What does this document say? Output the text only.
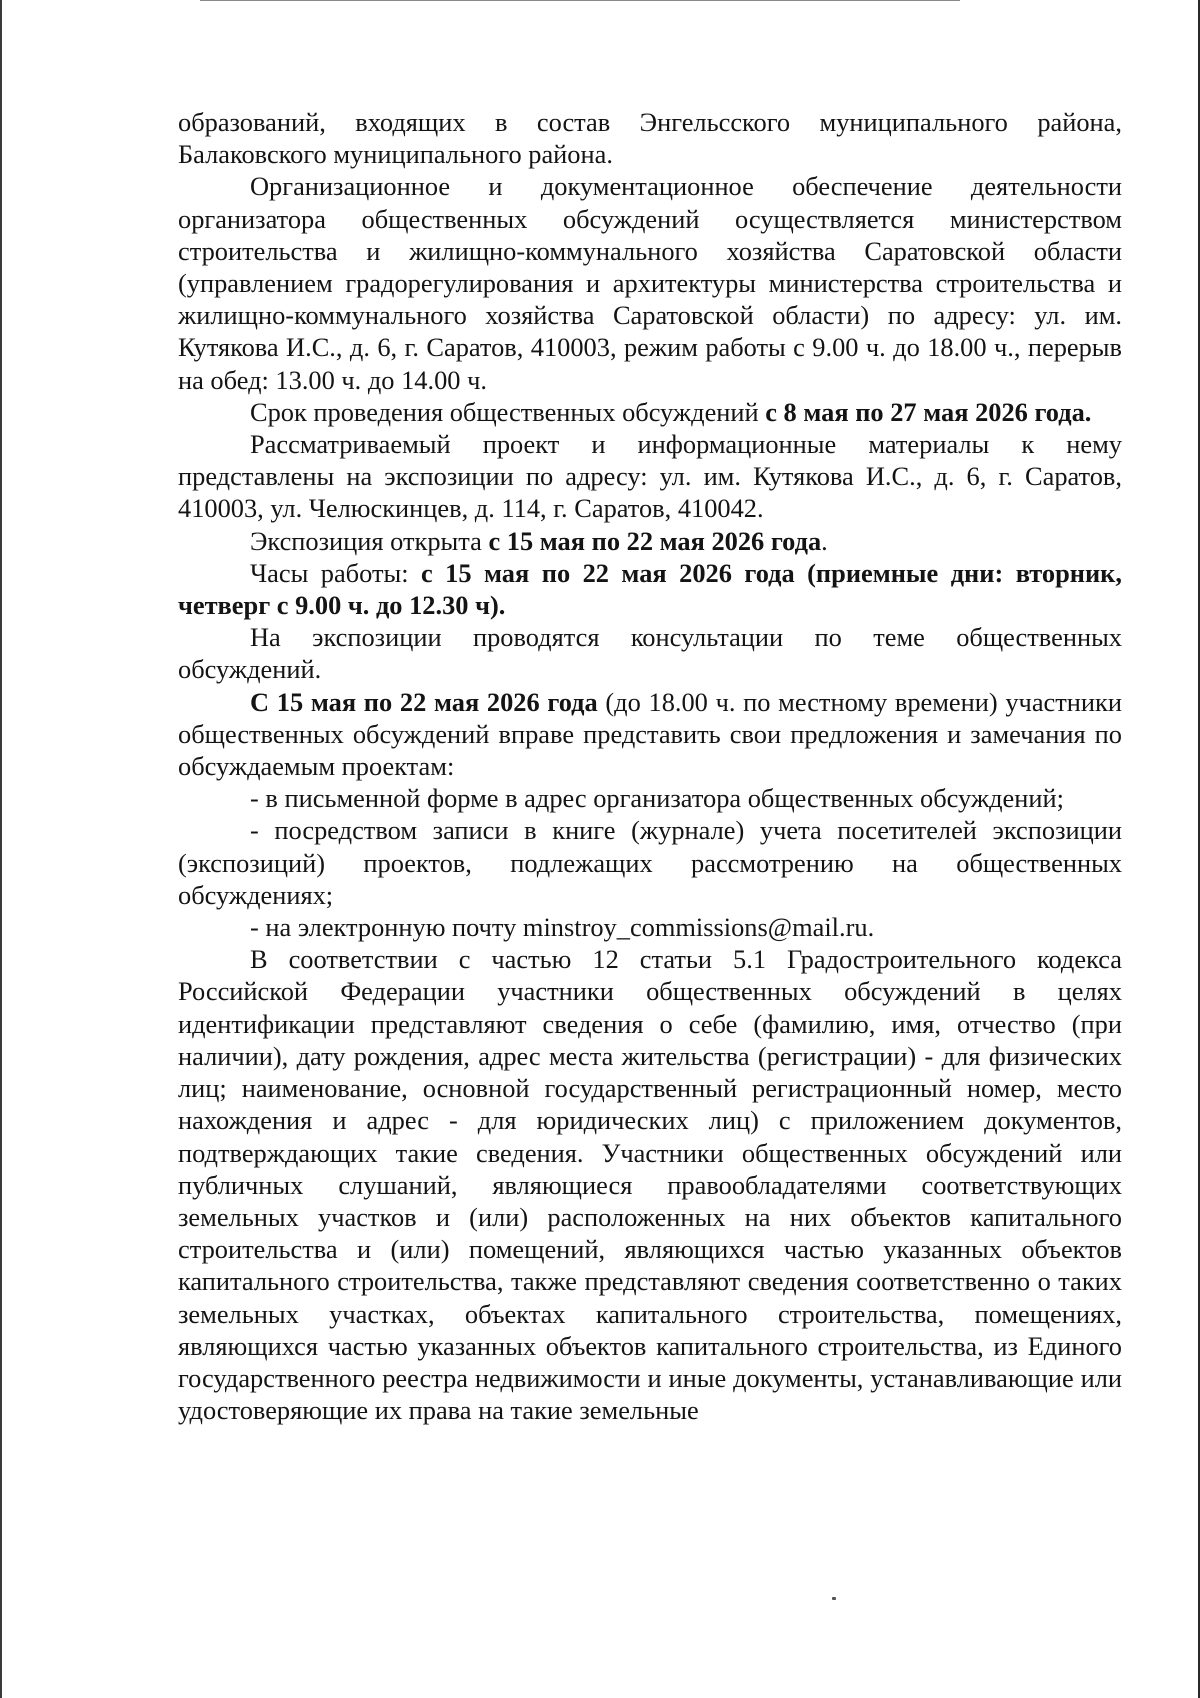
образований, входящих в состав Энгельсского муниципального района, Балаковского муниципального района.

Организационное и документационное обеспечение деятельности организатора общественных обсуждений осуществляется министерством строительства и жилищно-коммунального хозяйства Саратовской области (управлением градорегулирования и архитектуры министерства строительства и жилищно-коммунального хозяйства Саратовской области) по адресу: ул. им. Кутякова И.С., д. 6, г. Саратов, 410003, режим работы с 9.00 ч. до 18.00 ч., перерыв на обед: 13.00 ч. до 14.00 ч.

Срок проведения общественных обсуждений с 8 мая по 27 мая 2026 года.

Рассматриваемый проект и информационные материалы к нему представлены на экспозиции по адресу: ул. им. Кутякова И.С., д. 6, г. Саратов, 410003, ул. Челюскинцев, д. 114, г. Саратов, 410042.

Экспозиция открыта с 15 мая по 22 мая 2026 года.

Часы работы: с 15 мая по 22 мая 2026 года (приемные дни: вторник, четверг с 9.00 ч. до 12.30 ч).

На экспозиции проводятся консультации по теме общественных обсуждений.

С 15 мая по 22 мая 2026 года (до 18.00 ч. по местному времени) участники общественных обсуждений вправе представить свои предложения и замечания по обсуждаемым проектам:

- в письменной форме в адрес организатора общественных обсуждений;

- посредством записи в книге (журнале) учета посетителей экспозиции (экспозиций) проектов, подлежащих рассмотрению на общественных обсуждениях;

- на электронную почту minstroy_commissions@mail.ru.

В соответствии с частью 12 статьи 5.1 Градостроительного кодекса Российской Федерации участники общественных обсуждений в целях идентификации представляют сведения о себе (фамилию, имя, отчество (при наличии), дату рождения, адрес места жительства (регистрации) - для физических лиц; наименование, основной государственный регистрационный номер, место нахождения и адрес - для юридических лиц) с приложением документов, подтверждающих такие сведения. Участники общественных обсуждений или публичных слушаний, являющиеся правообладателями соответствующих земельных участков и (или) расположенных на них объектов капитального строительства и (или) помещений, являющихся частью указанных объектов капитального строительства, также представляют сведения соответственно о таких земельных участках, объектах капитального строительства, помещениях, являющихся частью указанных объектов капитального строительства, из Единого государственного реестра недвижимости и иные документы, устанавливающие или удостоверяющие их права на такие земельные
